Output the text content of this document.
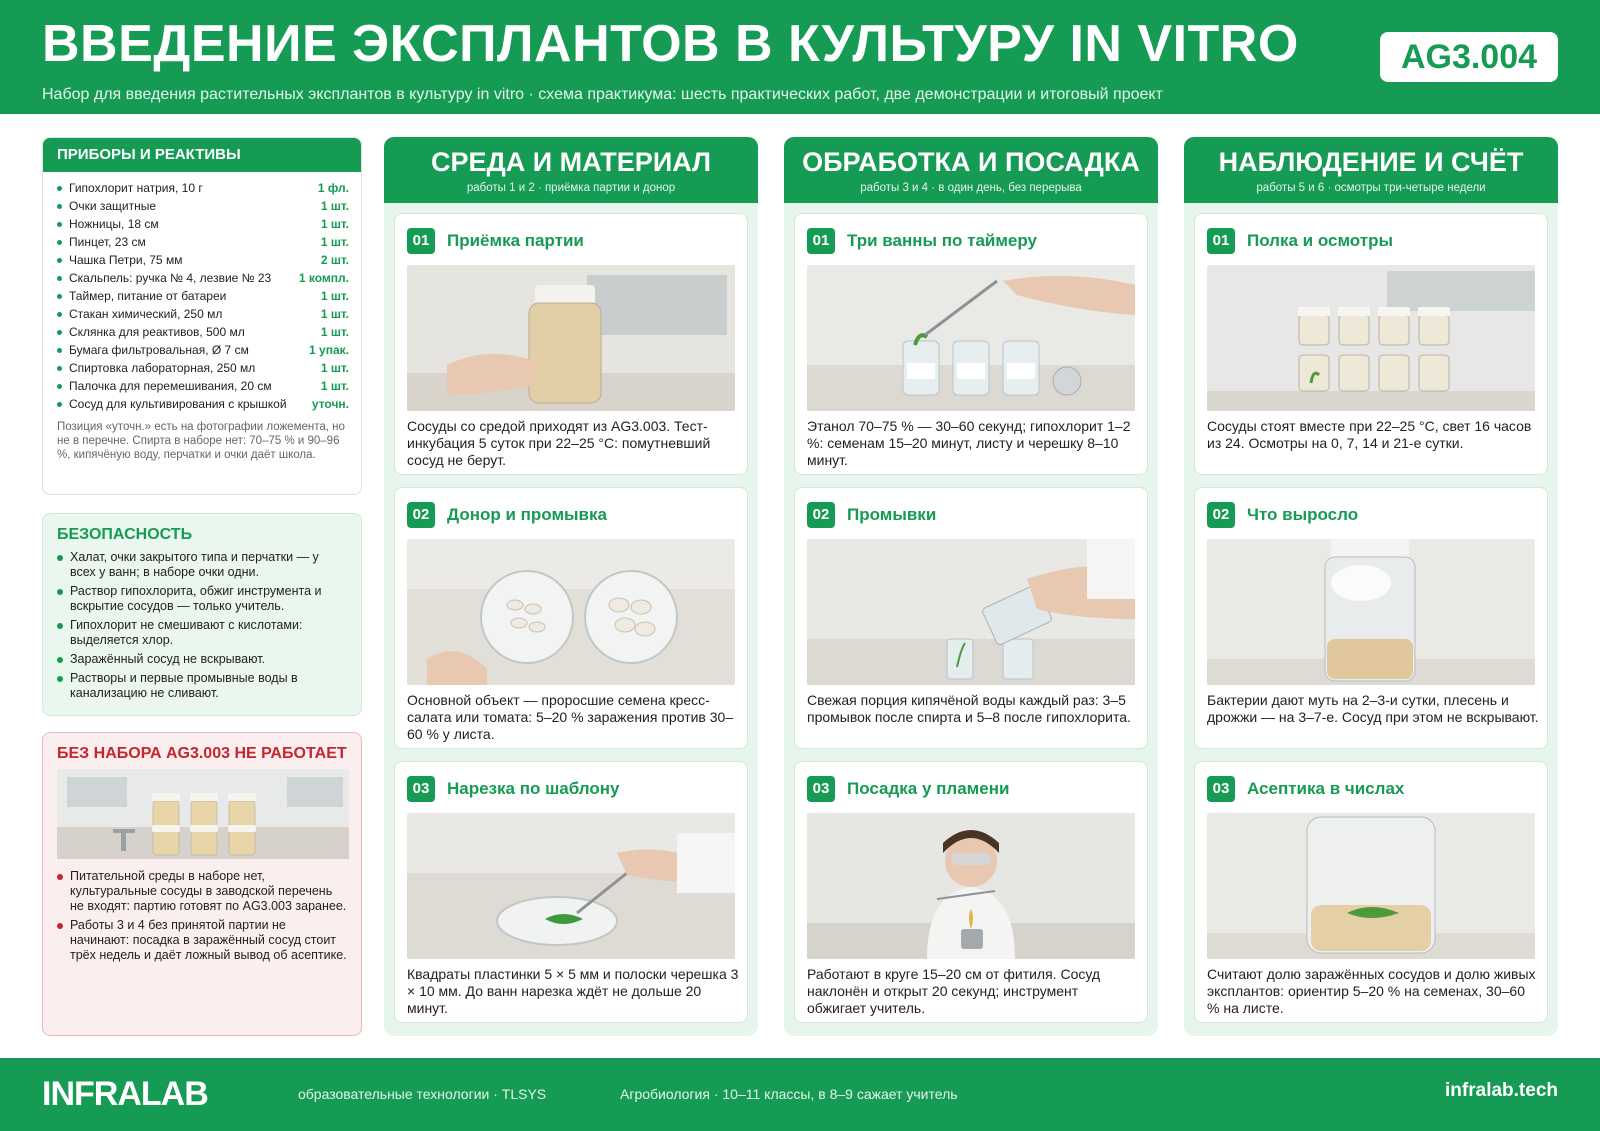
ВВЕДЕНИЕ ЭКСПЛАНТОВ В КУЛЬТУРУ IN VITRO
Набор для введения растительных эксплантов в культуру in vitro · схема практикума: шесть практических работ, две демонстрации и итоговый проект
AG3.004
ПРИБОРЫ И РЕАКТИВЫ
Гипохлорит натрия, 10 г	1 фл.
Очки защитные	1 шт.
Ножницы, 18 см	1 шт.
Пинцет, 23 см	1 шт.
Чашка Петри, 75 мм	2 шт.
Скальпель: ручка № 4, лезвие № 23 1 компл.
Таймер, питание от батареи	1 шт.
Стакан химический, 250 мл	1 шт.
Склянка для реактивов, 500 мл	1 шт.
Бумага фильтровальная, Ø 7 см	1 упак.
Спиртовка лабораторная, 250 мл	1 шт.
Палочка для перемешивания, 20 см	1 шт.
Сосуд для культивирования с крышкой уточн.
Позиция «уточн.» есть на фотографии ложемента, но не в перечне. Спирта в наборе нет: 70–75 % и 90–96 %, кипячёную воду, перчатки и очки даёт школа.
БЕЗОПАСНОСТЬ
Халат, очки закрытого типа и перчатки — у всех у ванн; в наборе очки одни.
Раствор гипохлорита, обжиг инструмента и вскрытие сосудов — только учитель.
Гипохлорит не смешивают с кислотами: выделяется хлор.
Заражённый сосуд не вскрывают.
Растворы и первые промывные воды в канализацию не сливают.
БЕЗ НАБОРА AG3.003 НЕ РАБОТАЕТ
Питательной среды в наборе нет, культуральные сосуды в заводской перечень не входят: партию готовят по AG3.003 заранее.
Работы 3 и 4 без принятой партии не начинают: посадка в заражённый сосуд стоит трёх недель и даёт ложный вывод об асептике.
СРЕДА И МАТЕРИАЛ
работы 1 и 2 · приёмка партии и донор
01	Приёмка партии
Сосуды со средой приходят из AG3.003. Тест-инкубация 5 суток при 22–25 °С: помутневший сосуд не берут.
02	Донор и промывка
Основной объект — проросшие семена кресс-салата или томата: 5–20 % заражения против 30–60 % у листа.
03	Нарезка по шаблону
Квадраты пластинки 5 × 5 мм и полоски черешка 3 × 10 мм. До ванн нарезка ждёт не дольше 20 минут.
ОБРАБОТКА И ПОСАДКА
работы 3 и 4 · в один день, без перерыва
01	Три ванны по таймеру
Этанол 70–75 % — 30–60 секунд; гипохлорит 1–2 %: семенам 15–20 минут, листу и черешку 8–10 минут.
02	Промывки
Свежая порция кипячёной воды каждый раз: 3–5 промывок после спирта и 5–8 после гипохлорита.
03	Посадка у пламени
Работают в круге 15–20 см от фитиля. Сосуд наклонён и открыт 20 секунд; инструмент обжигает учитель.
НАБЛЮДЕНИЕ И СЧЁТ
работы 5 и 6 · осмотры три-четыре недели
01	Полка и осмотры
Сосуды стоят вместе при 22–25 °С, свет 16 часов из 24. Осмотры на 0, 7, 14 и 21-е сутки.
02	Что выросло
Бактерии дают муть на 2–3-и сутки, плесень и дрожжи — на 3–7-е. Сосуд при этом не вскрывают.
03	Асептика в числах
Считают долю заражённых сосудов и долю живых эксплантов: ориентир 5–20 % на семенах, 30–60 % на листе.
INFRALAB	образовательные технологии · TLSYS	Агробиология · 10–11 классы, в 8–9 сажает учитель	infralab.tech
